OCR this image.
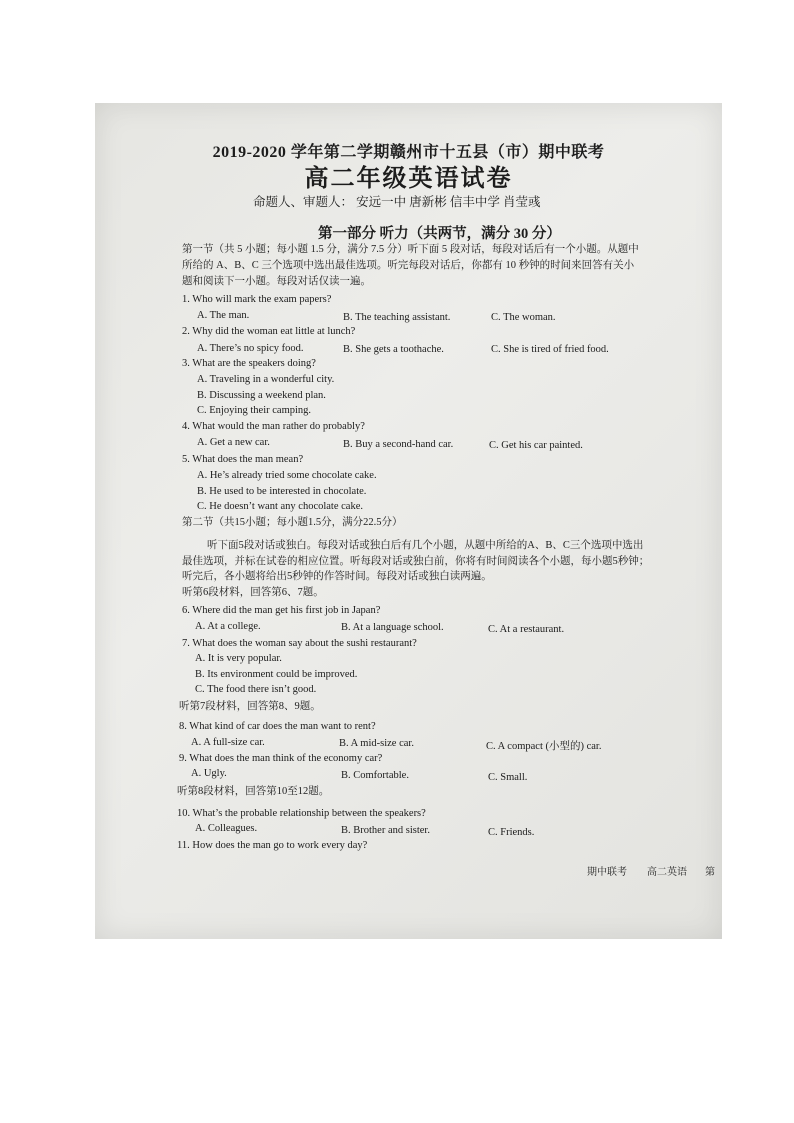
2019-2020 学年第二学期赣州市十五县（市）期中联考
高二年级英语试卷
命题人、审题人： 安远一中 唐新彬 信丰中学 肖莹彧
第一部分 听力（共两节，满分 30 分）
第一节（共 5 小题；每小题 1.5 分，满分 7.5 分）听下面 5 段对话，每段对话后有一个小题。从题中
所给的 A、B、C 三个选项中选出最佳选项。听完每段对话后，你都有 10 秒钟的时间来回答有关小
题和阅读下一小题。每段对话仅读一遍。
1. Who will mark the exam papers?
A. The man.	B. The teaching assistant.	C. The woman.
2. Why did the woman eat little at lunch?
A. There’s no spicy food.	B. She gets a toothache.	C. She is tired of fried food.
3. What are the speakers doing?
A. Traveling in a wonderful city.
B. Discussing a weekend plan.
C. Enjoying their camping.
4. What would the man rather do probably?
A. Get a new car.	B. Buy a second-hand car.	C. Get his car painted.
5. What does the man mean?
A. He’s already tried some chocolate cake.
B. He used to be interested in chocolate.
C. He doesn’t want any chocolate cake.
第二节（共15小题；每小题1.5分，满分22.5分）
听下面5段对话或独白。每段对话或独白后有几个小题，从题中所给的A、B、C三个选项中选出
最佳选项，并标在试卷的相应位置。听每段对话或独白前，你将有时间阅读各个小题，每小题5秒钟；
听完后，各小题将给出5秒钟的作答时间。每段对话或独白读两遍。
听第6段材料，回答第6、7题。
6. Where did the man get his first job in Japan?
A. At a college.	B. At a language school.	C. At a restaurant.
7. What does the woman say about the sushi restaurant?
A. It is very popular.
B. Its environment could be improved.
C. The food there isn’t good.
听第7段材料，回答第8、9题。
8. What kind of car does the man want to rent?
A. A full-size car.	B. A mid-size car.	C. A compact (小型的) car.
9. What does the man think of the economy car?
A. Ugly.	B. Comfortable.	C. Small.
听第8段材料，回答第10至12题。
10. What’s the probable relationship between the speakers?
A. Colleagues.	B. Brother and sister.	C. Friends.
11. How does the man go to work every day?
期中联考 高二英语 第
